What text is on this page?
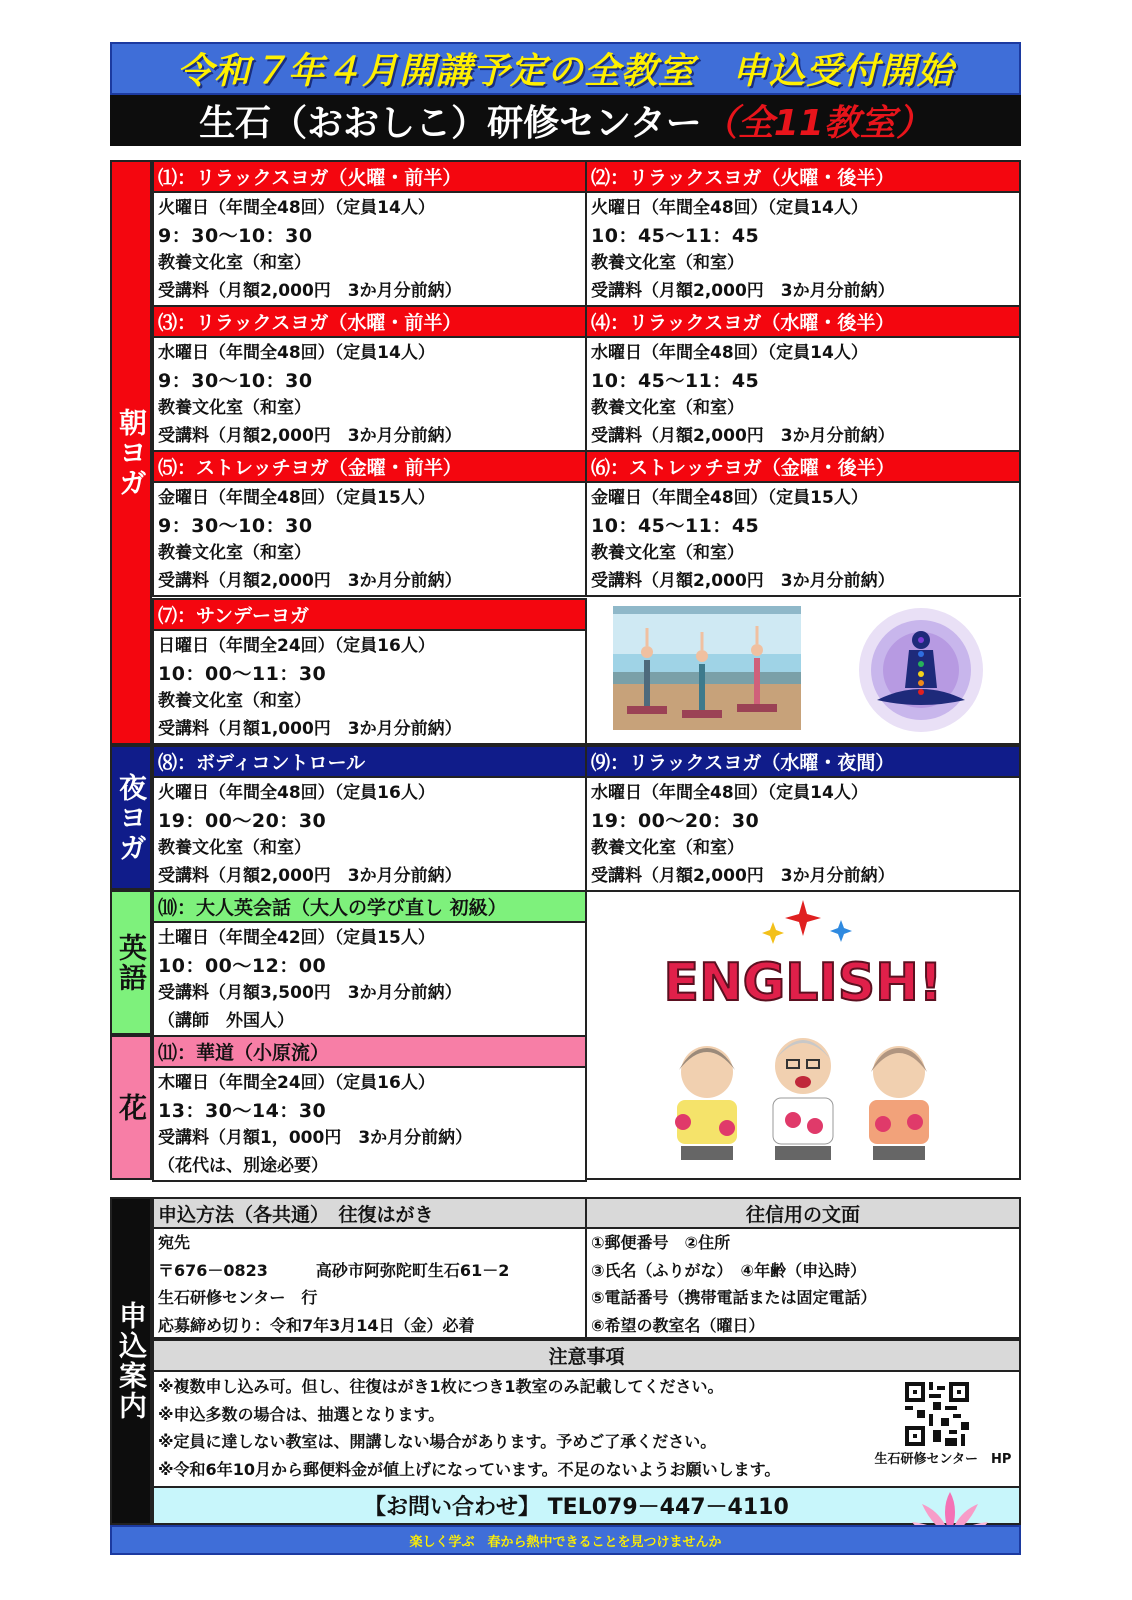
令和７年４月開講予定の全教室　申込受付開始
生石（おおしこ）研修センター （全11教室）
朝ヨガ
夜ヨガ
英語
花
⑴：リラックスヨガ（火曜・前半）
火曜日（年間全48回）（定員14人）
9：30～10：30
教養文化室（和室）
受講料（月額2,000円　3か月分前納）
⑵：リラックスヨガ（火曜・後半）
火曜日（年間全48回）（定員14人）
10：45～11：45
教養文化室（和室）
受講料（月額2,000円　3か月分前納）
⑶：リラックスヨガ（水曜・前半）
水曜日（年間全48回）（定員14人）
9：30～10：30
教養文化室（和室）
受講料（月額2,000円　3か月分前納）
⑷：リラックスヨガ（水曜・後半）
水曜日（年間全48回）（定員14人）
10：45～11：45
教養文化室（和室）
受講料（月額2,000円　3か月分前納）
⑸：ストレッチヨガ（金曜・前半）
金曜日（年間全48回）（定員15人）
9：30～10：30
教養文化室（和室）
受講料（月額2,000円　3か月分前納）
⑹：ストレッチヨガ（金曜・後半）
金曜日（年間全48回）（定員15人）
10：45～11：45
教養文化室（和室）
受講料（月額2,000円　3か月分前納）
⑺：サンデーヨガ
日曜日（年間全24回）（定員16人）
10：00～11：30
教養文化室（和室）
受講料（月額1,000円　3か月分前納）
⑻：ボディコントロール
火曜日（年間全48回）（定員16人）
19：00～20：30
教養文化室（和室）
受講料（月額2,000円　3か月分前納）
⑼：リラックスヨガ（水曜・夜間）
水曜日（年間全48回）（定員14人）
19：00～20：30
教養文化室（和室）
受講料（月額2,000円　3か月分前納）
⑽：大人英会話（大人の学び直し 初級）
土曜日（年間全42回）（定員15人）
10：00～12：00
受講料（月額3,500円　3か月分前納）
（講師　外国人）
⑾：華道（小原流）
木曜日（年間全24回）（定員16人）
13：30～14：30
受講料（月額1，000円　3か月分前納）
（花代は、別途必要）
ENGLISH!
申込案内
申込方法（各共通）　往復はがき	往信用の文面
宛先
〒676－0823　　　高砂市阿弥陀町生石61－2
生石研修センター　行
応募締め切り：令和7年3月14日（金）必着
①郵便番号　②住所
③氏名（ふりがな）　④年齢（申込時）
⑤電話番号（携帯電話または固定電話）
⑥希望の教室名（曜日）
注意事項
※複数申し込み可。但し、往復はがき1枚につき1教室のみ記載してください。
※申込多数の場合は、抽選となります。
※定員に達しない教室は、開講しない場合があります。予めご了承ください。
※令和6年10月から郵便料金が値上げになっています。不足のないようお願いします。	生石研修センター　HP
【お問い合わせ】 TEL079－447－4110
楽しく学ぶ　春から熱中できることを見つけませんか
